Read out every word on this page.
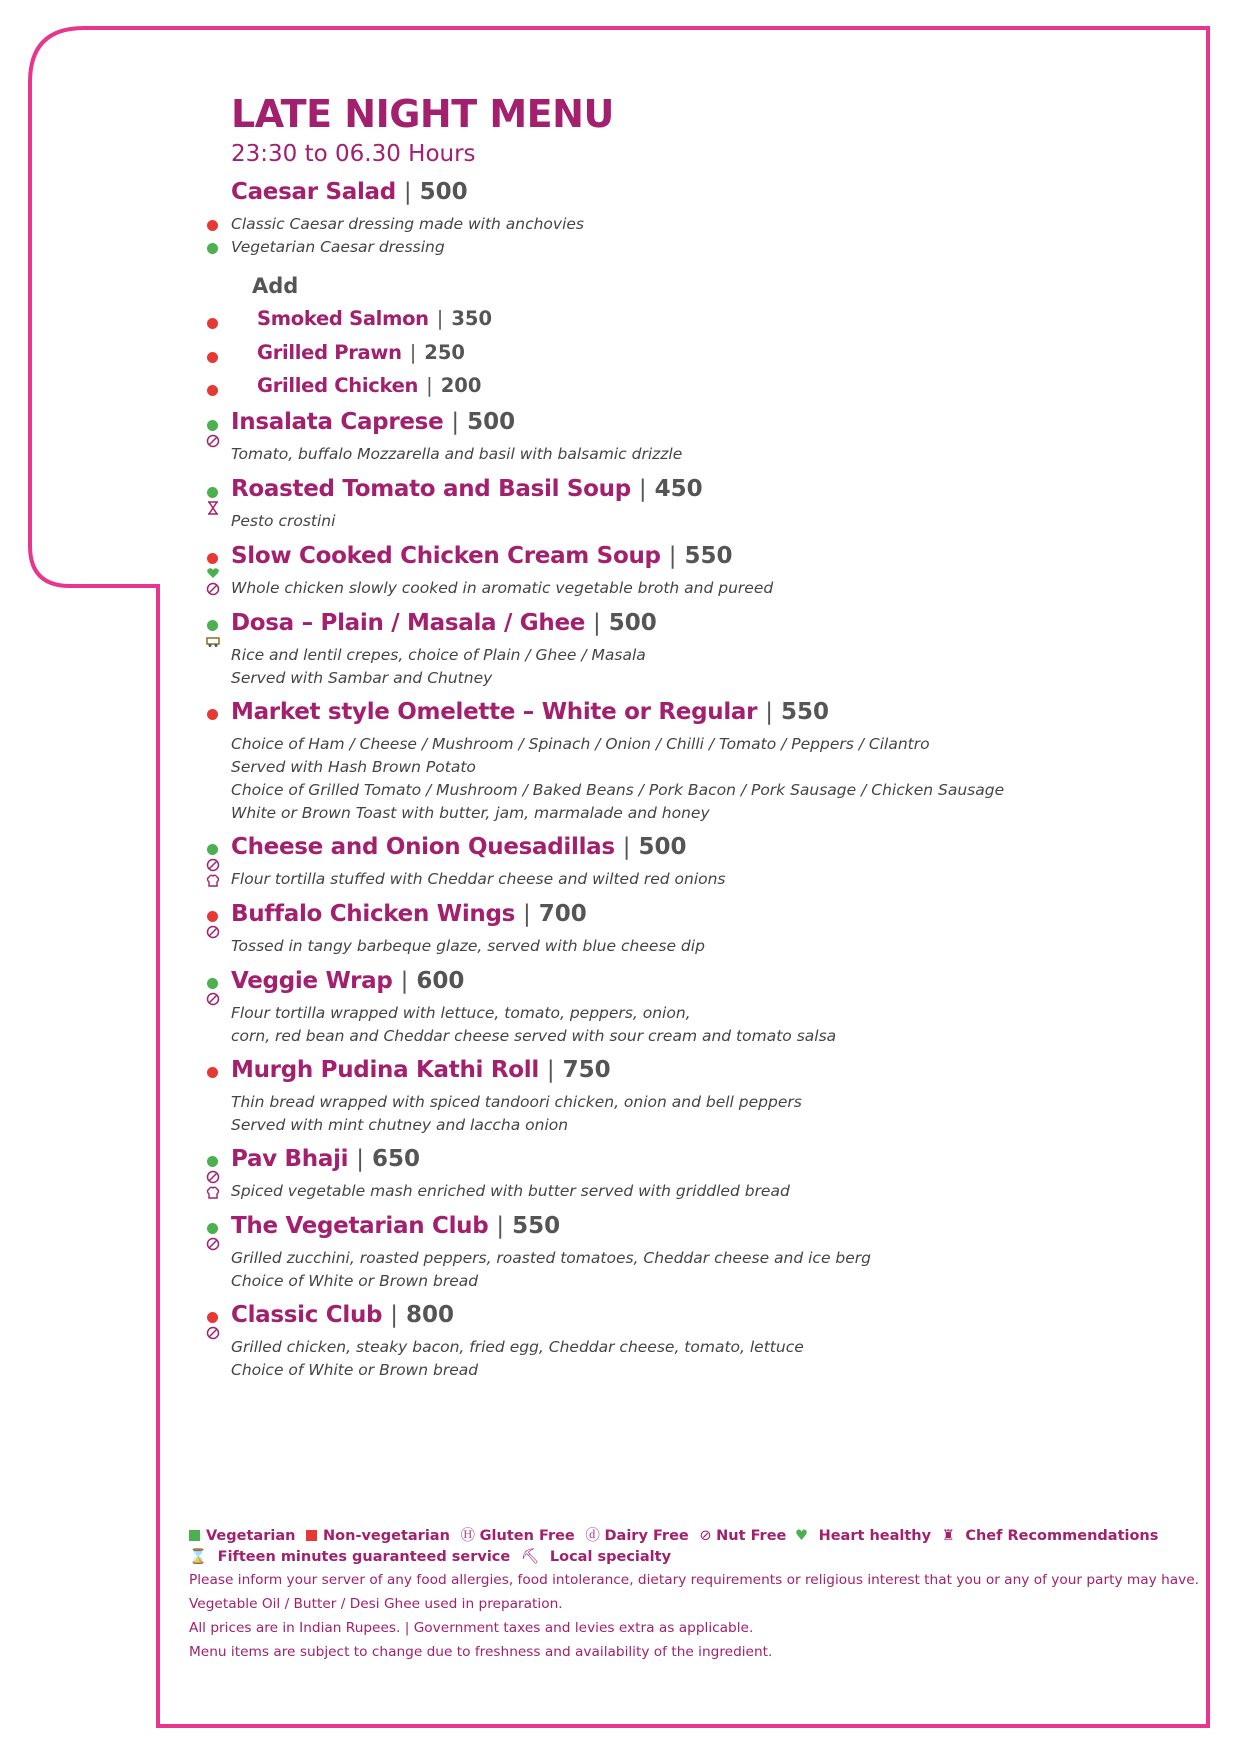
LATE NIGHT MENU
23:30 to 06.30 Hours
Caesar Salad | 500
Classic Caesar dressing made with anchovies
Vegetarian Caesar dressing
Add
Smoked Salmon | 350
Grilled Prawn | 250
Grilled Chicken | 200
Insalata Caprese | 500
Tomato, buffalo Mozzarella and basil with balsamic drizzle
Roasted Tomato and Basil Soup | 450
Pesto crostini
Slow Cooked Chicken Cream Soup | 550
Whole chicken slowly cooked in aromatic vegetable broth and pureed
Dosa – Plain / Masala / Ghee | 500
Rice and lentil crepes, choice of Plain / Ghee / Masala
Served with Sambar and Chutney
Market style Omelette – White or Regular | 550
Choice of Ham / Cheese / Mushroom / Spinach / Onion / Chilli / Tomato / Peppers / Cilantro
Served with Hash Brown Potato
Choice of Grilled Tomato / Mushroom / Baked Beans / Pork Bacon / Pork Sausage / Chicken Sausage
White or Brown Toast with butter, jam, marmalade and honey
Cheese and Onion Quesadillas | 500
Flour tortilla stuffed with Cheddar cheese and wilted red onions
Buffalo Chicken Wings | 700
Tossed in tangy barbeque glaze, served with blue cheese dip
Veggie Wrap | 600
Flour tortilla wrapped with lettuce, tomato, peppers, onion,
corn, red bean and Cheddar cheese served with sour cream and tomato salsa
Murgh Pudina Kathi Roll | 750
Thin bread wrapped with spiced tandoori chicken, onion and bell peppers
Served with mint chutney and laccha onion
Pav Bhaji | 650
Spiced vegetable mash enriched with butter served with griddled bread
The Vegetarian Club | 550
Grilled zucchini, roasted peppers, roasted tomatoes, Cheddar cheese and ice berg
Choice of White or Brown bread
Classic Club | 800
Grilled chicken, steaky bacon, fried egg, Cheddar cheese, tomato, lettuce
Choice of White or Brown bread
Vegetarian Non-vegetarian Ⓗ Gluten Free ⓓ Dairy Free ⊘ Nut Free ♥ Heart healthy ♜ Chef Recommendations
⌛ Fifteen minutes guaranteed service ⛏ Local specialty
Please inform your server of any food allergies, food intolerance, dietary requirements or religious interest that you or any of your party may have.
Vegetable Oil / Butter / Desi Ghee used in preparation.
All prices are in Indian Rupees. | Government taxes and levies extra as applicable.
Menu items are subject to change due to freshness and availability of the ingredient.
